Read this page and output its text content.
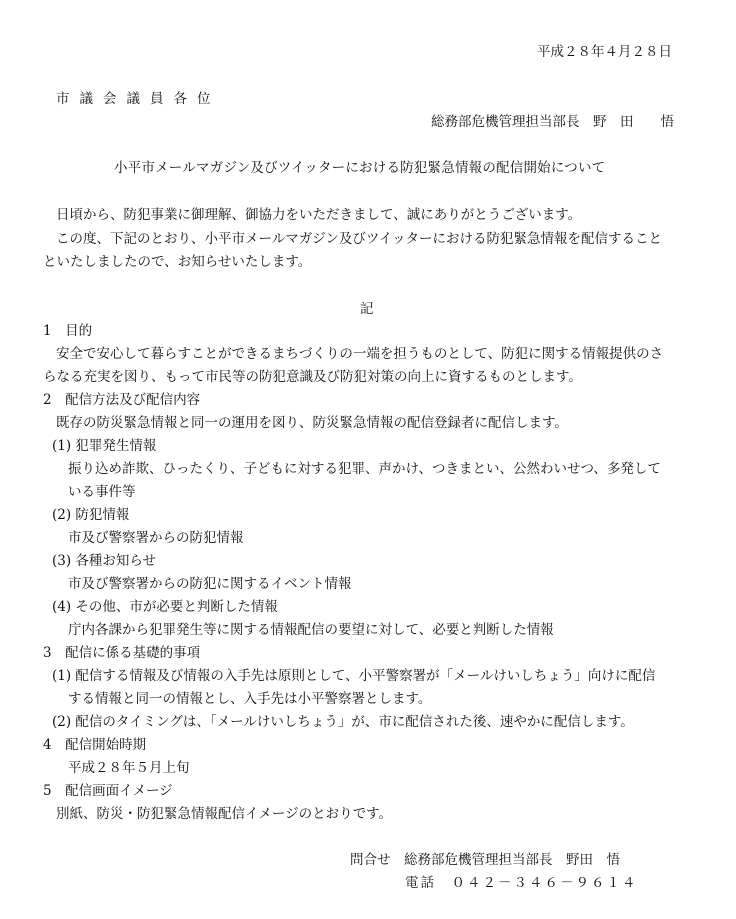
平成２８年４月２８日
市議会議員各位
総務部危機管理担当部長　野　田　　悟
小平市メールマガジン及びツイッターにおける防犯緊急情報の配信開始について
日頃から、防犯事業に御理解、御協力をいただきまして、誠にありがとうございます。
この度、下記のとおり、小平市メールマガジン及びツイッターにおける防犯緊急情報を配信すること
といたしましたので、お知らせいたします。
記
1　目的
安全で安心して暮らすことができるまちづくりの一端を担うものとして、防犯に関する情報提供のさ
らなる充実を図り、もって市民等の防犯意識及び防犯対策の向上に資するものとします。
2　配信方法及び配信内容
既存の防災緊急情報と同一の運用を図り、防災緊急情報の配信登録者に配信します。
(1) 犯罪発生情報
振り込め詐欺、ひったくり、子どもに対する犯罪、声かけ、つきまとい、公然わいせつ、多発して
いる事件等
(2) 防犯情報
市及び警察署からの防犯情報
(3) 各種お知らせ
市及び警察署からの防犯に関するイベント情報
(4) その他、市が必要と判断した情報
庁内各課から犯罪発生等に関する情報配信の要望に対して、必要と判断した情報
3　配信に係る基礎的事項
(1) 配信する情報及び情報の入手先は原則として、小平警察署が「メールけいしちょう」向けに配信
する情報と同一の情報とし、入手先は小平警察署とします。
(2) 配信のタイミングは、「メールけいしちょう」が、市に配信された後、速やかに配信します。
4　配信開始時期
平成２８年５月上旬
5　配信画面イメージ
別紙、防災・防犯緊急情報配信イメージのとおりです。
問合せ　総務部危機管理担当部長　野田　悟
電話　０４２－３４６－９６１４
